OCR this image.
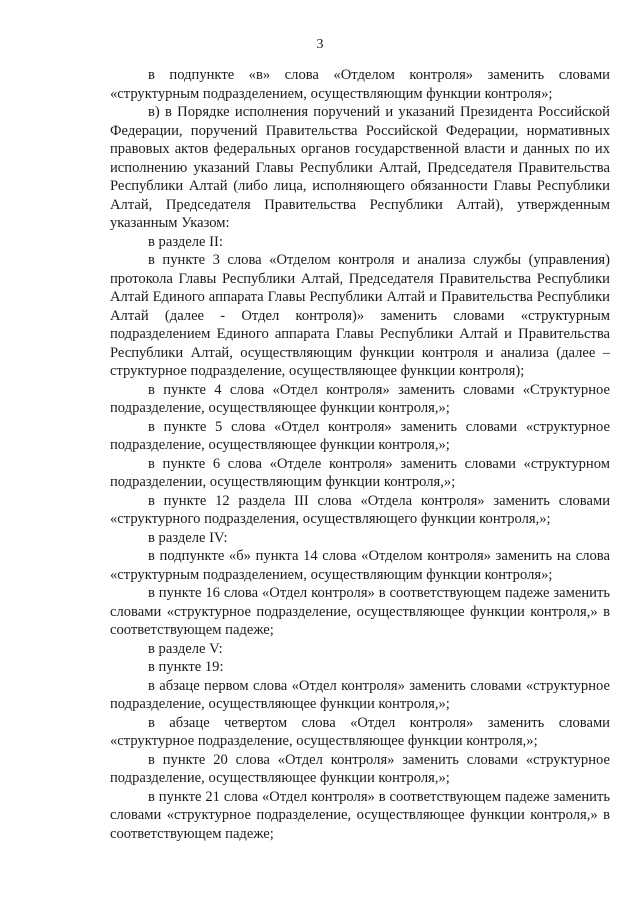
3

в подпункте «в» слова «Отделом контроля» заменить словами «структурным подразделением, осуществляющим функции контроля»;

в) в Порядке исполнения поручений и указаний Президента Российской Федерации, поручений Правительства Российской Федерации, нормативных правовых актов федеральных органов государственной власти и данных по их исполнению указаний Главы Республики Алтай, Председателя Правительства Республики Алтай (либо лица, исполняющего обязанности Главы Республики Алтай, Председателя Правительства Республики Алтай), утвержденным указанным Указом:

в разделе II:

в пункте 3 слова «Отделом контроля и анализа службы (управления) протокола Главы Республики Алтай, Председателя Правительства Республики Алтай Единого аппарата Главы Республики Алтай и Правительства Республики Алтай (далее - Отдел контроля)» заменить словами «структурным подразделением Единого аппарата Главы Республики Алтай и Правительства Республики Алтай, осуществляющим функции контроля и анализа (далее – структурное подразделение, осуществляющее функции контроля);

в пункте 4 слова «Отдел контроля» заменить словами «Структурное подразделение, осуществляющее функции контроля,»;

в пункте 5 слова «Отдел контроля» заменить словами «структурное подразделение, осуществляющее функции контроля,»;

в пункте 6 слова «Отделе контроля» заменить словами «структурном подразделении, осуществляющим функции контроля,»;

в пункте 12 раздела III слова «Отдела контроля» заменить словами «структурного подразделения, осуществляющего функции контроля,»;

в разделе IV:

в подпункте «б» пункта 14 слова «Отделом контроля» заменить на слова «структурным подразделением, осуществляющим функции контроля»;

в пункте 16 слова «Отдел контроля» в соответствующем падеже заменить словами «структурное подразделение, осуществляющее функции контроля,» в соответствующем падеже;

в разделе V:

в пункте 19:

в абзаце первом слова «Отдел контроля» заменить словами «структурное подразделение, осуществляющее функции контроля,»;

в абзаце четвертом слова «Отдел контроля» заменить словами «структурное подразделение, осуществляющее функции контроля,»;

в пункте 20 слова «Отдел контроля» заменить словами «структурное подразделение, осуществляющее функции контроля,»;

в пункте 21 слова «Отдел контроля» в соответствующем падеже заменить словами «структурное подразделение, осуществляющее функции контроля,» в соответствующем падеже;
